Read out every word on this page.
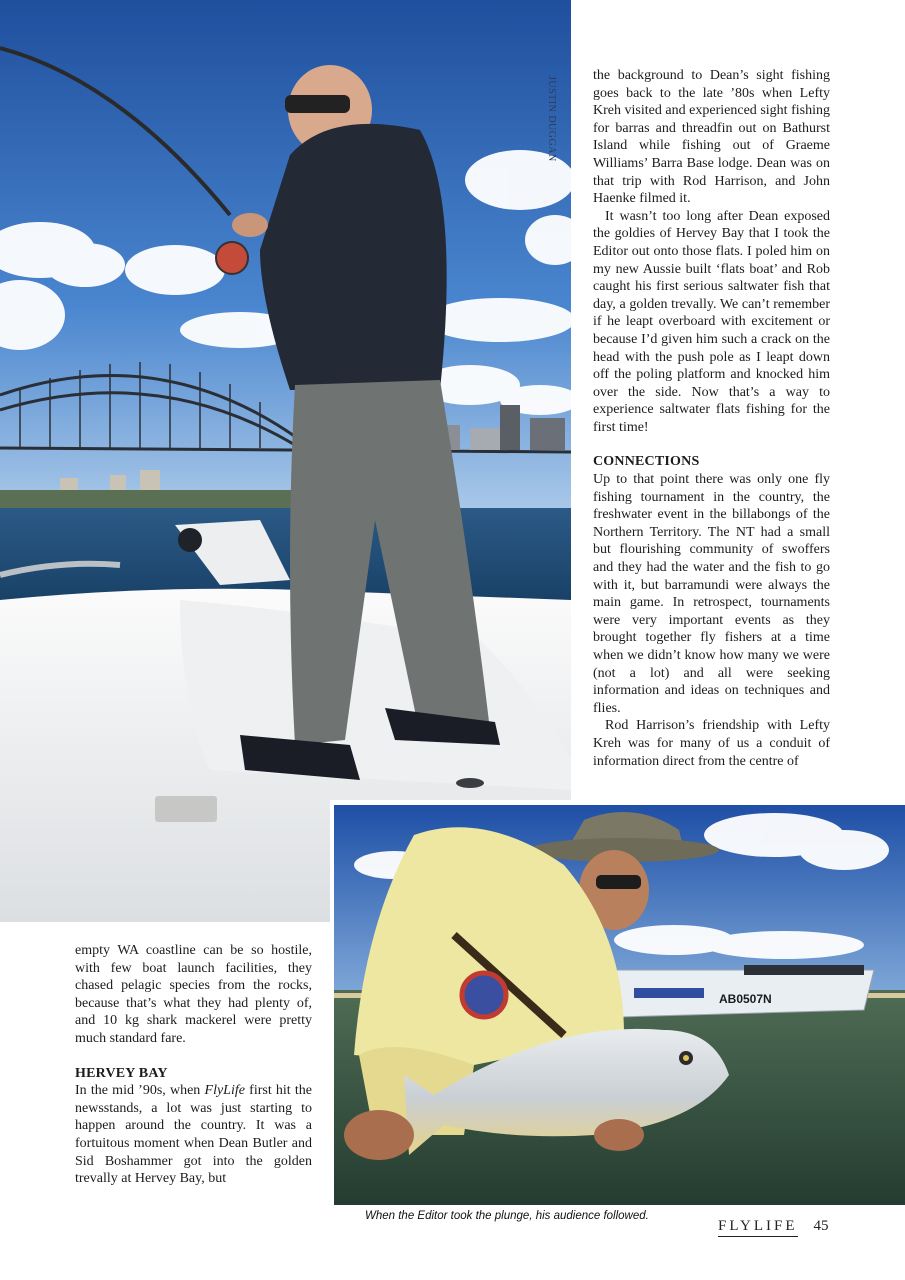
JUSTIN DUGGAN
AB0507N

the background to Dean’s sight fishing goes back to the late ’80s when Lefty Kreh visited and experienced sight fishing for barras and threadfin out on Bathurst Island while fishing out of Graeme Williams’ Barra Base lodge. Dean was on that trip with Rod Harrison, and John Haenke filmed it.

It wasn’t too long after Dean exposed the goldies of Hervey Bay that I took the Editor out onto those flats. I poled him on my new Aussie built ‘flats boat’ and Rob caught his first serious saltwater fish that day, a golden trevally. We can’t remember if he leapt overboard with excitement or because I’d given him such a crack on the head with the push pole as I leapt down off the poling platform and knocked him over the side. Now that’s a way to experience saltwater flats fishing for the first time!

CONNECTIONS

Up to that point there was only one fly fishing tournament in the country, the freshwater event in the billabongs of the Northern Territory. The NT had a small but flourishing community of swoffers and they had the water and the fish to go with it, but barramundi were always the main game. In retrospect, tournaments were very important events as they brought together fly fishers at a time when we didn’t know how many we were (not a lot) and all were seeking information and ideas on techniques and flies.

Rod Harrison’s friendship with Lefty Kreh was for many of us a conduit of information direct from the centre of

empty WA coastline can be so hostile, with few boat launch facilities, they chased pelagic species from the rocks, because that’s what they had plenty of, and 10 kg shark mackerel were pretty much standard fare.

HERVEY BAY

In the mid ’90s, when FlyLife first hit the newsstands, a lot was just starting to happen around the country. It was a fortuitous moment when Dean Butler and Sid Boshammer got into the golden trevally at Hervey Bay, but

When the Editor took the plunge, his audience followed.
FLYLIFE 45
